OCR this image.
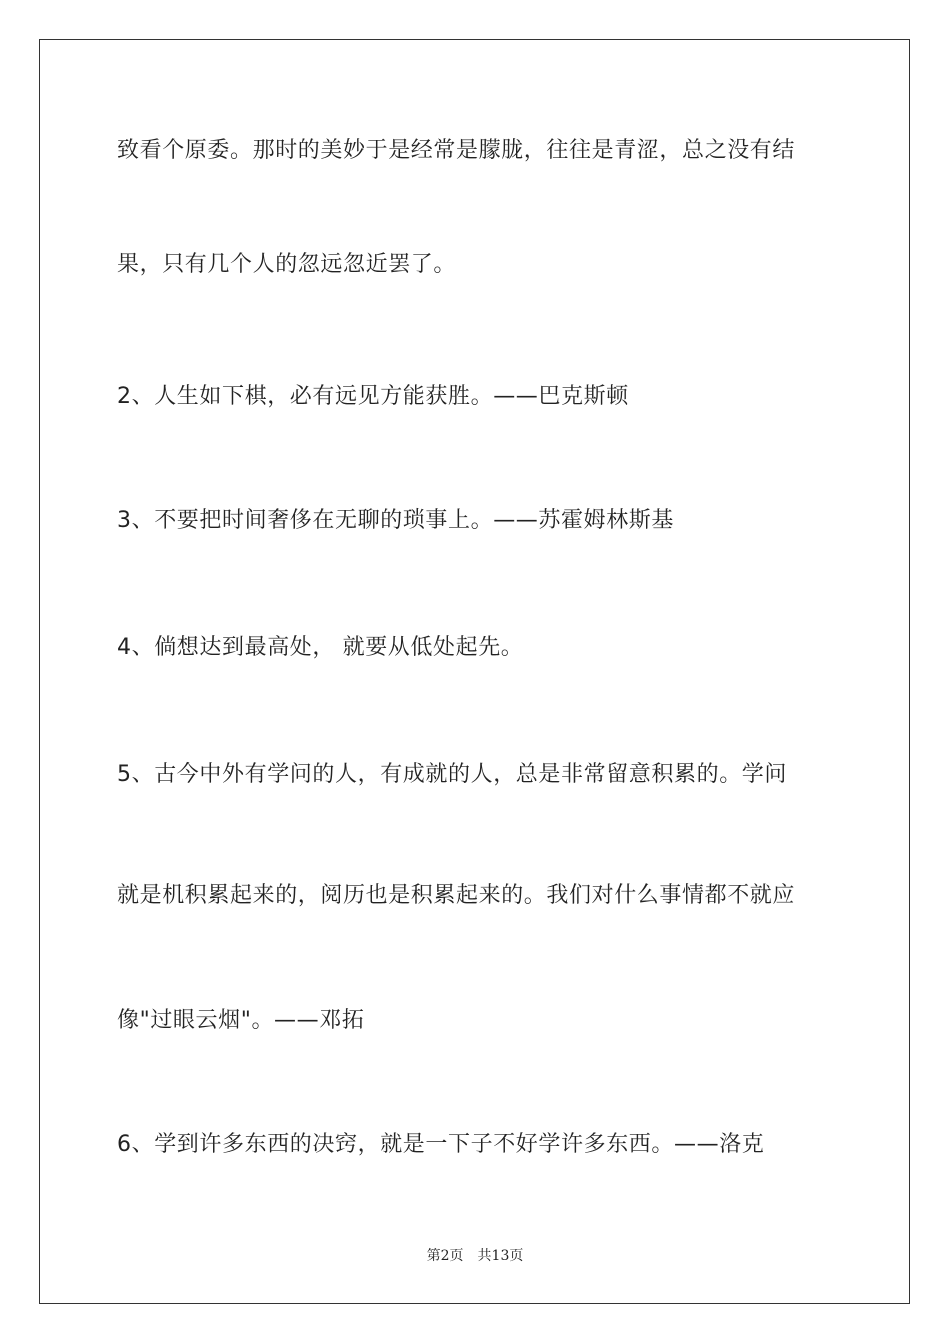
致看个原委。那时的美妙于是经常是朦胧，往往是青涩，总之没有结
果，只有几个人的忽远忽近罢了。
2、人生如下棋，必有远见方能获胜。——巴克斯顿
3、不要把时间奢侈在无聊的琐事上。——苏霍姆林斯基
4、倘想达到最高处， 就要从低处起先。
5、古今中外有学问的人，有成就的人，总是非常留意积累的。学问
就是机积累起来的，阅历也是积累起来的。我们对什么事情都不就应
像"过眼云烟"。——邓拓
6、学到许多东西的决窍，就是一下子不好学许多东西。——洛克
第2页 共13页
